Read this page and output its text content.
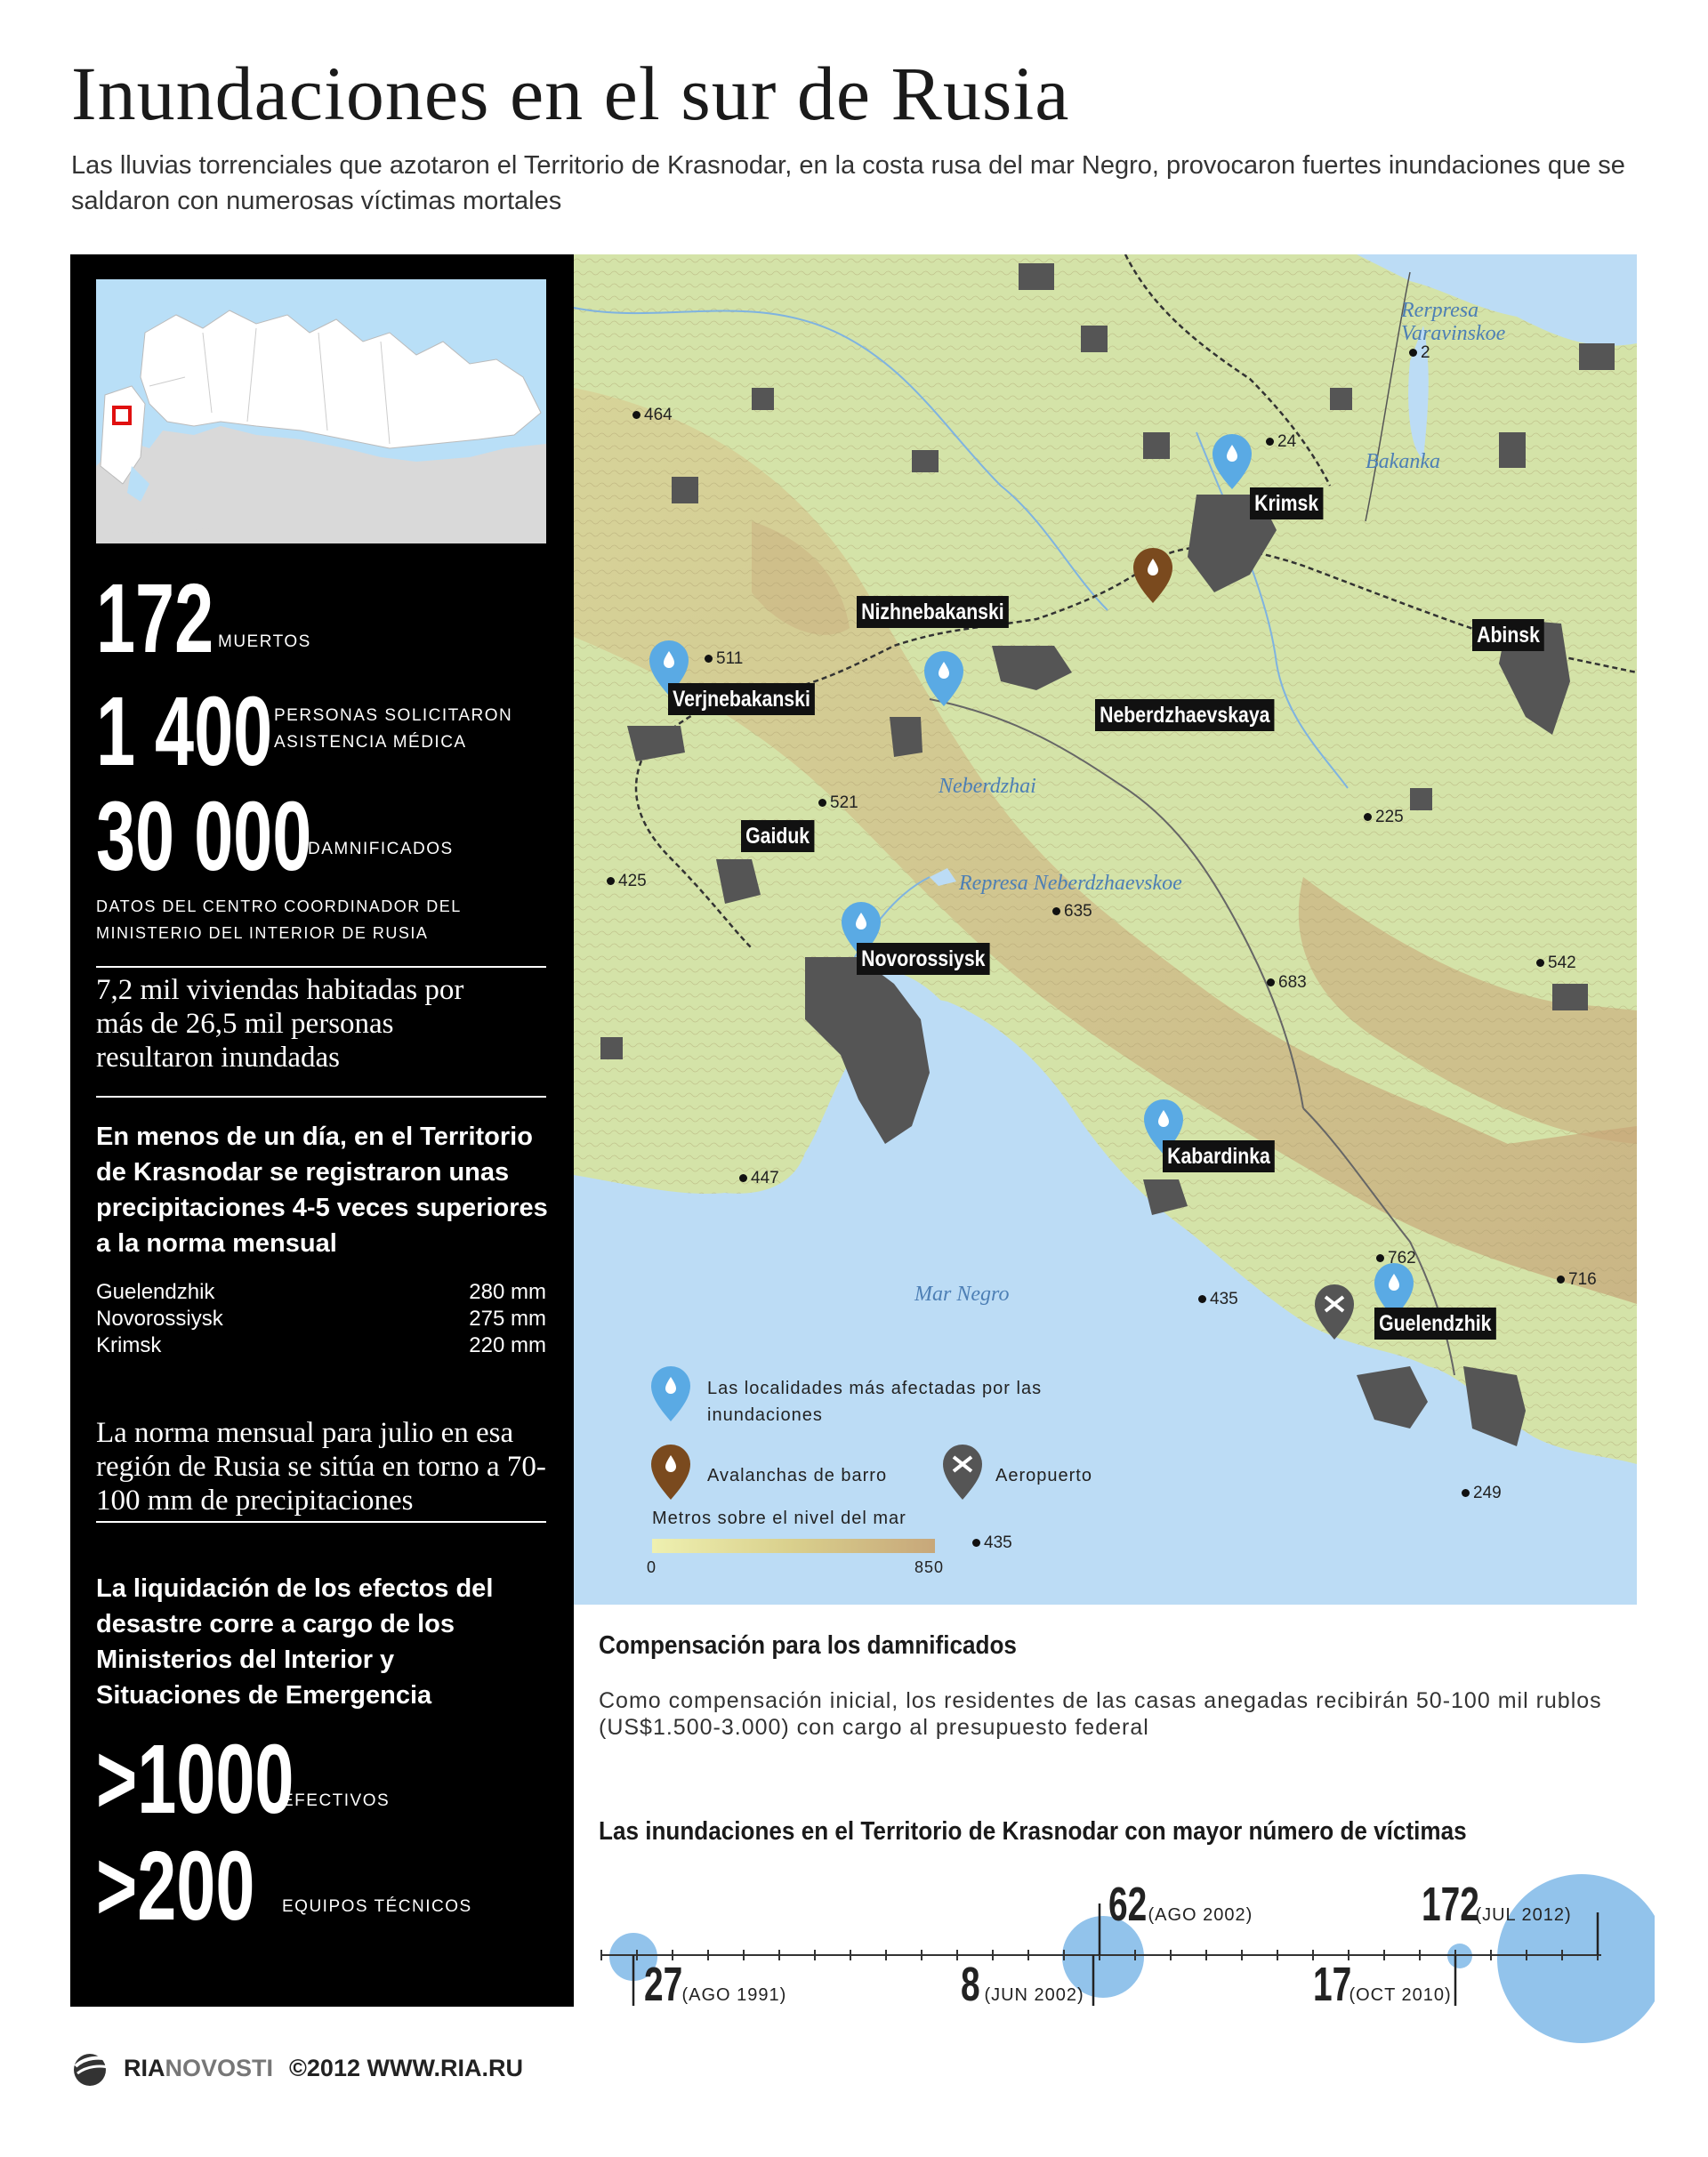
Inundaciones en el sur de Rusia
Las lluvias torrenciales que azotaron el Territorio de Krasnodar, en la costa rusa del mar Negro, provocaron fuertes inundaciones que se saldaron con numerosas víctimas mortales
172 MUERTOS
1 400 PERSONAS SOLICITARON ASISTENCIA MÉDICA
30 000
DAMNIFICADOS
DATOS DEL CENTRO COORDINADOR DEL MINISTERIO DEL INTERIOR DE RUSIA
7,2 mil viviendas habitadas por más de 26,5 mil personas resultaron inundadas
En menos de un día, en el Territorio de Krasnodar se registraron unas precipitaciones 4-5 veces superiores a la norma mensual
Guelendzhik	280 mm
Novorossiysk	275 mm
Krimsk	220 mm
La norma mensual para julio en esa región de Rusia se sitúa en torno a 70-100 mm de precipitaciones
La liquidación de los efectos del desastre corre a cargo de los Ministerios del Interior y Situaciones de Emergencia
>1000
EFECTIVOS
>200 EQUIPOS TÉCNICOS
Krimsk
Nizhnebakanski
Abinsk
Verjnebakanski
Neberdzhaevskaya
Gaiduk
Novorossiysk
Kabardinka
Guelendzhik
464
24
2
511
521
225
425
635
683
542
447
762
716
435
249
Rerpresa Varavinskoe
Bakanka
Neberdzhai
Represa Neberdzhaevskoe
Mar Negro
Las localidades más afectadas por las inundaciones
Avalanchas de barro	Aeropuerto
Metros sobre el nivel del mar
0	850
435
Compensación para los damnificados
Como compensación inicial, los residentes de las casas anegadas recibirán 50-100 mil rublos (US$1.500-3.000) con cargo al presupuesto federal
Las inundaciones en el Territorio de Krasnodar con mayor número de víctimas
27 (AGO 1991)	8 (JUN 2002)
62 (AGO 2002)
17 (OCT 2010)
172 (JUL 2012)
RIANOVOSTI ©2012 WWW.RIA.RU
